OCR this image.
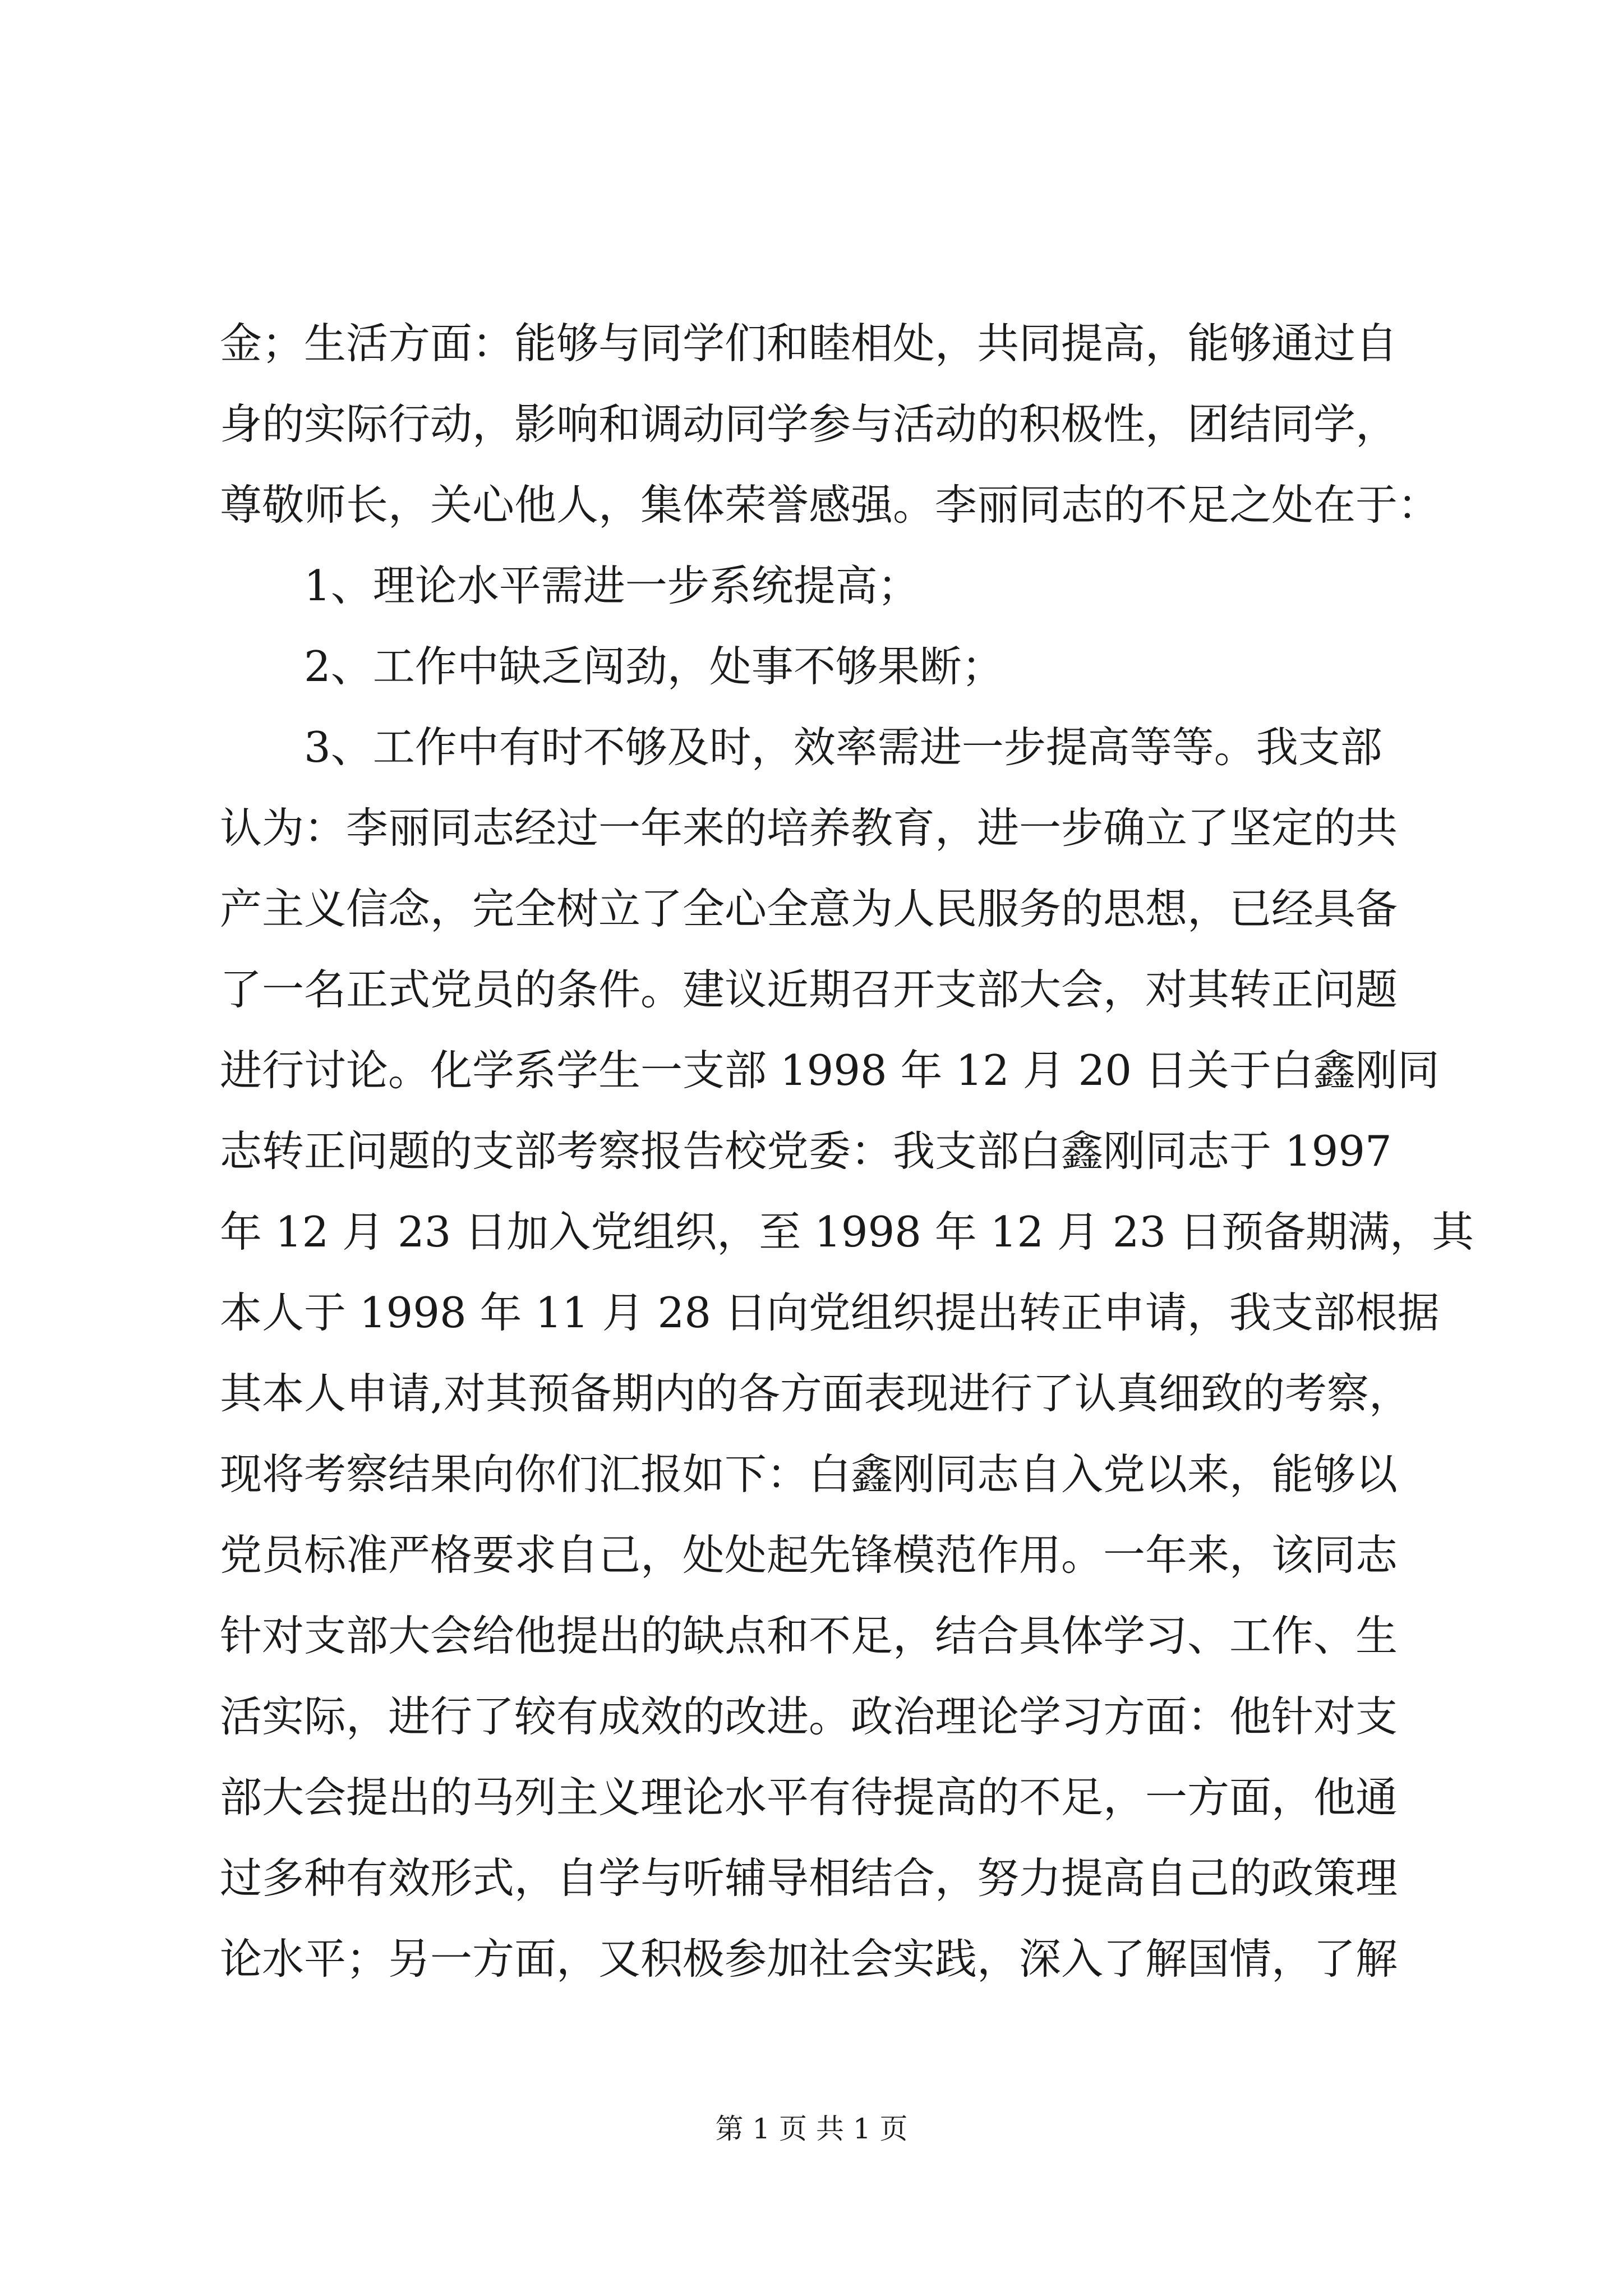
金；生活方面：能够与同学们和睦相处，共同提高，能够通过自
身的实际行动，影响和调动同学参与活动的积极性，团结同学，
尊敬师长，关心他人，集体荣誉感强。李丽同志的不足之处在于：
1、理论水平需进一步系统提高；
2、工作中缺乏闯劲，处事不够果断；
3、工作中有时不够及时，效率需进一步提高等等。我支部
认为：李丽同志经过一年来的培养教育，进一步确立了坚定的共
产主义信念，完全树立了全心全意为人民服务的思想，已经具备
了一名正式党员的条件。建议近期召开支部大会，对其转正问题
进行讨论。化学系学生一支部 1998 年 12 月 20 日关于白鑫刚同
志转正问题的支部考察报告校党委：我支部白鑫刚同志于 1997
年 12 月 23 日加入党组织，至 1998 年 12 月 23 日预备期满，其
本人于 1998 年 11 月 28 日向党组织提出转正申请，我支部根据
其本人申请,对其预备期内的各方面表现进行了认真细致的考察，
现将考察结果向你们汇报如下：白鑫刚同志自入党以来，能够以
党员标准严格要求自己，处处起先锋模范作用。一年来，该同志
针对支部大会给他提出的缺点和不足，结合具体学习、工作、生
活实际，进行了较有成效的改进。政治理论学习方面：他针对支
部大会提出的马列主义理论水平有待提高的不足，一方面，他通
过多种有效形式，自学与听辅导相结合，努力提高自己的政策理
论水平；另一方面，又积极参加社会实践，深入了解国情，了解
第 1 页 共 1 页
